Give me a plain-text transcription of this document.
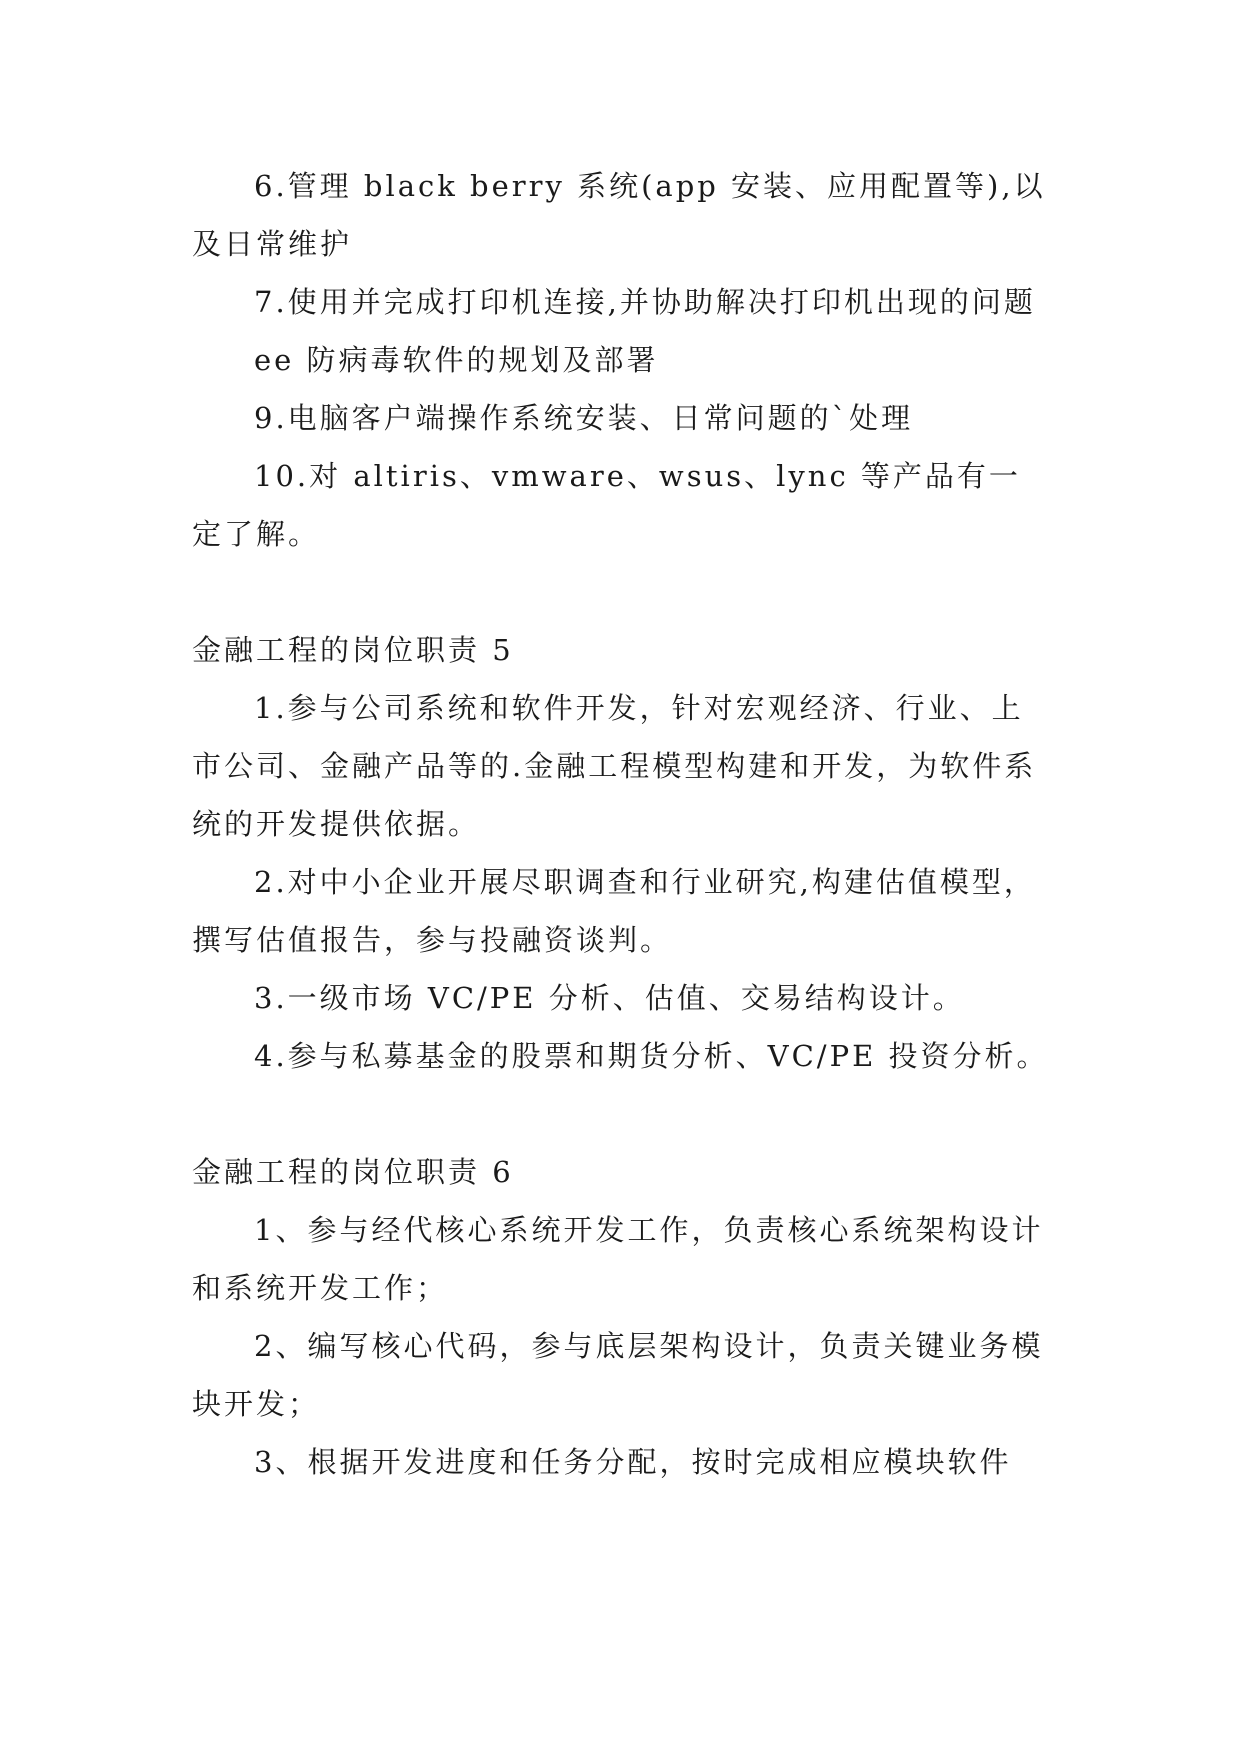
6.管理 black berry 系统(app 安装、应用配置等),以及日常维护

7.使用并完成打印机连接,并协助解决打印机出现的问题

ee 防病毒软件的规划及部署

9.电脑客户端操作系统安装、日常问题的`处理

10.对 altiris、vmware、wsus、lync 等产品有一定了解。

金融工程的岗位职责 5

1.参与公司系统和软件开发，针对宏观经济、行业、上市公司、金融产品等的.金融工程模型构建和开发，为软件系统的开发提供依据。

2.对中小企业开展尽职调查和行业研究,构建估值模型，撰写估值报告，参与投融资谈判。

3.一级市场 VC/PE 分析、估值、交易结构设计。

4.参与私募基金的股票和期货分析、VC/PE 投资分析。

金融工程的岗位职责 6

1、参与经代核心系统开发工作，负责核心系统架构设计和系统开发工作；

2、编写核心代码，参与底层架构设计，负责关键业务模块开发；

3、根据开发进度和任务分配，按时完成相应模块软件
